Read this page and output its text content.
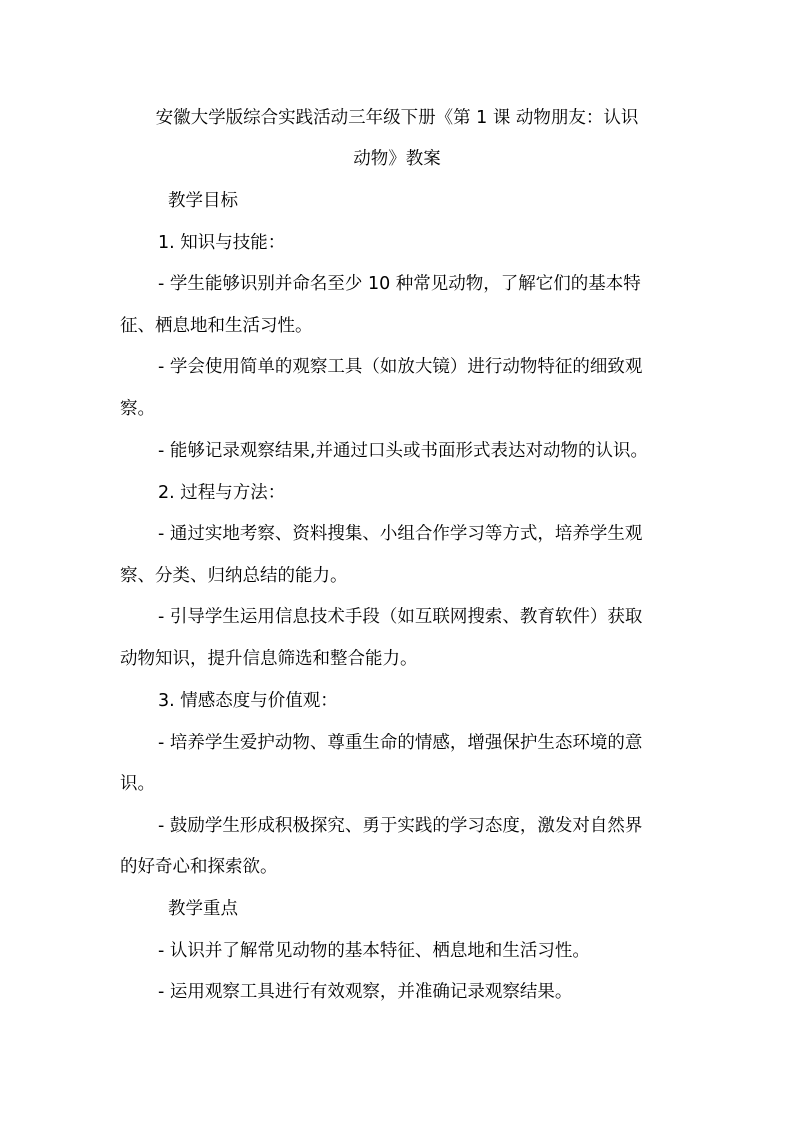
安徽大学版综合实践活动三年级下册《第 1 课 动物朋友：认识
动物》教案
教学目标
1. 知识与技能：
- 学生能够识别并命名至少 10 种常见动物，了解它们的基本特
征、栖息地和生活习性。
- 学会使用简单的观察工具（如放大镜）进行动物特征的细致观
察。
- 能够记录观察结果,并通过口头或书面形式表达对动物的认识。
2. 过程与方法：
- 通过实地考察、资料搜集、小组合作学习等方式，培养学生观
察、分类、归纳总结的能力。
- 引导学生运用信息技术手段（如互联网搜索、教育软件）获取
动物知识，提升信息筛选和整合能力。
3. 情感态度与价值观：
- 培养学生爱护动物、尊重生命的情感，增强保护生态环境的意
识。
- 鼓励学生形成积极探究、勇于实践的学习态度，激发对自然界
的好奇心和探索欲。
教学重点
- 认识并了解常见动物的基本特征、栖息地和生活习性。
- 运用观察工具进行有效观察，并准确记录观察结果。
